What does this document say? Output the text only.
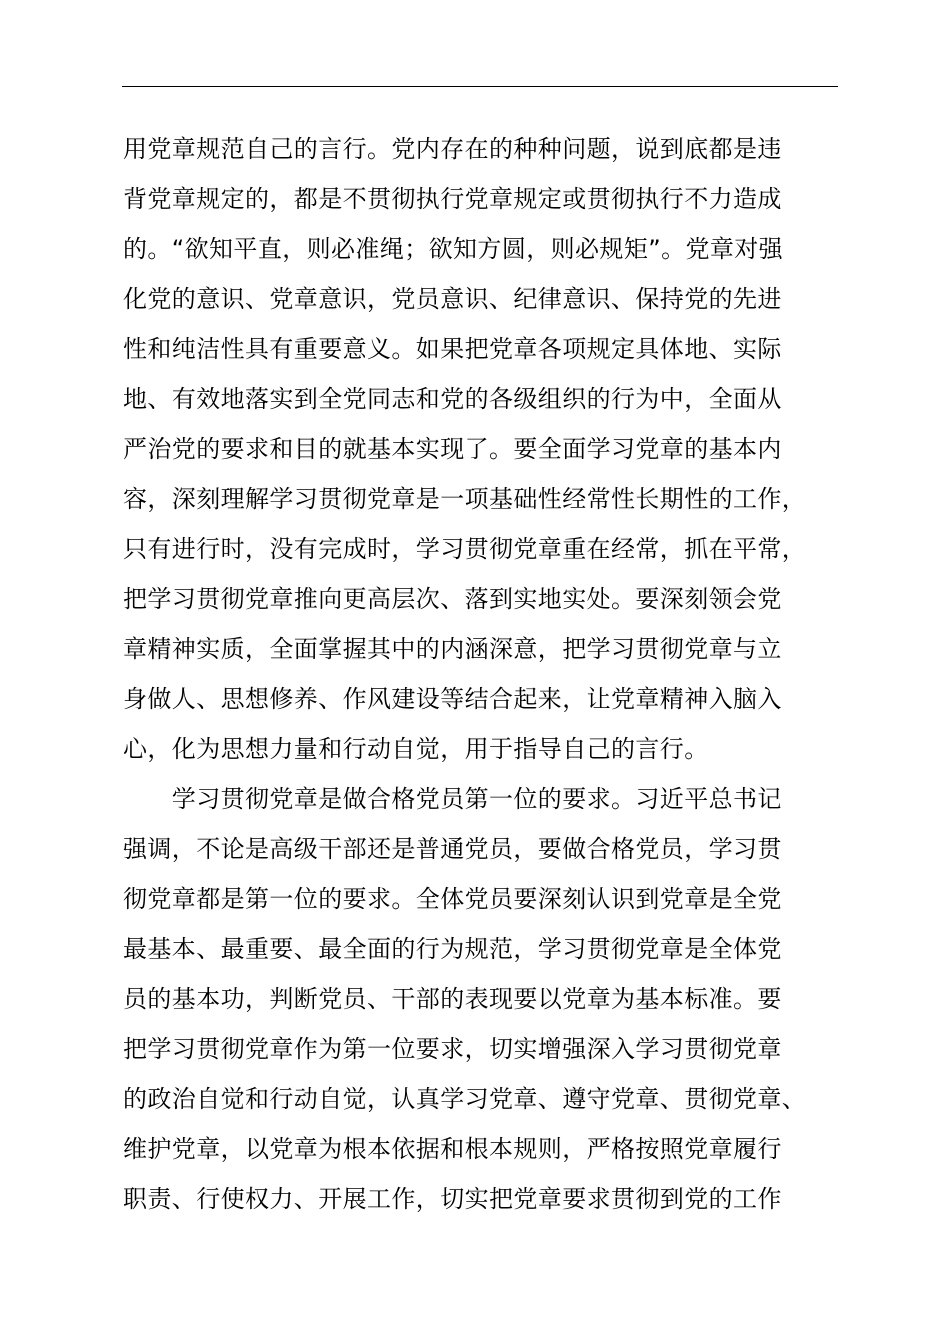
用党章规范自己的言行。党内存在的种种问题，说到底都是违
背党章规定的，都是不贯彻执行党章规定或贯彻执行不力造成
的。“欲知平直，则必准绳；欲知方圆，则必规矩”。党章对强
化党的意识、党章意识，党员意识、纪律意识、保持党的先进
性和纯洁性具有重要意义。如果把党章各项规定具体地、实际
地、有效地落实到全党同志和党的各级组织的行为中，全面从
严治党的要求和目的就基本实现了。要全面学习党章的基本内
容，深刻理解学习贯彻党章是一项基础性经常性长期性的工作，
只有进行时，没有完成时，学习贯彻党章重在经常，抓在平常，
把学习贯彻党章推向更高层次、落到实地实处。要深刻领会党
章精神实质，全面掌握其中的内涵深意，把学习贯彻党章与立
身做人、思想修养、作风建设等结合起来，让党章精神入脑入
心，化为思想力量和行动自觉，用于指导自己的言行。
　　学习贯彻党章是做合格党员第一位的要求。习近平总书记
强调，不论是高级干部还是普通党员，要做合格党员，学习贯
彻党章都是第一位的要求。全体党员要深刻认识到党章是全党
最基本、最重要、最全面的行为规范，学习贯彻党章是全体党
员的基本功，判断党员、干部的表现要以党章为基本标准。要
把学习贯彻党章作为第一位要求，切实增强深入学习贯彻党章
的政治自觉和行动自觉，认真学习党章、遵守党章、贯彻党章、
维护党章，以党章为根本依据和根本规则，严格按照党章履行
职责、行使权力、开展工作，切实把党章要求贯彻到党的工作
